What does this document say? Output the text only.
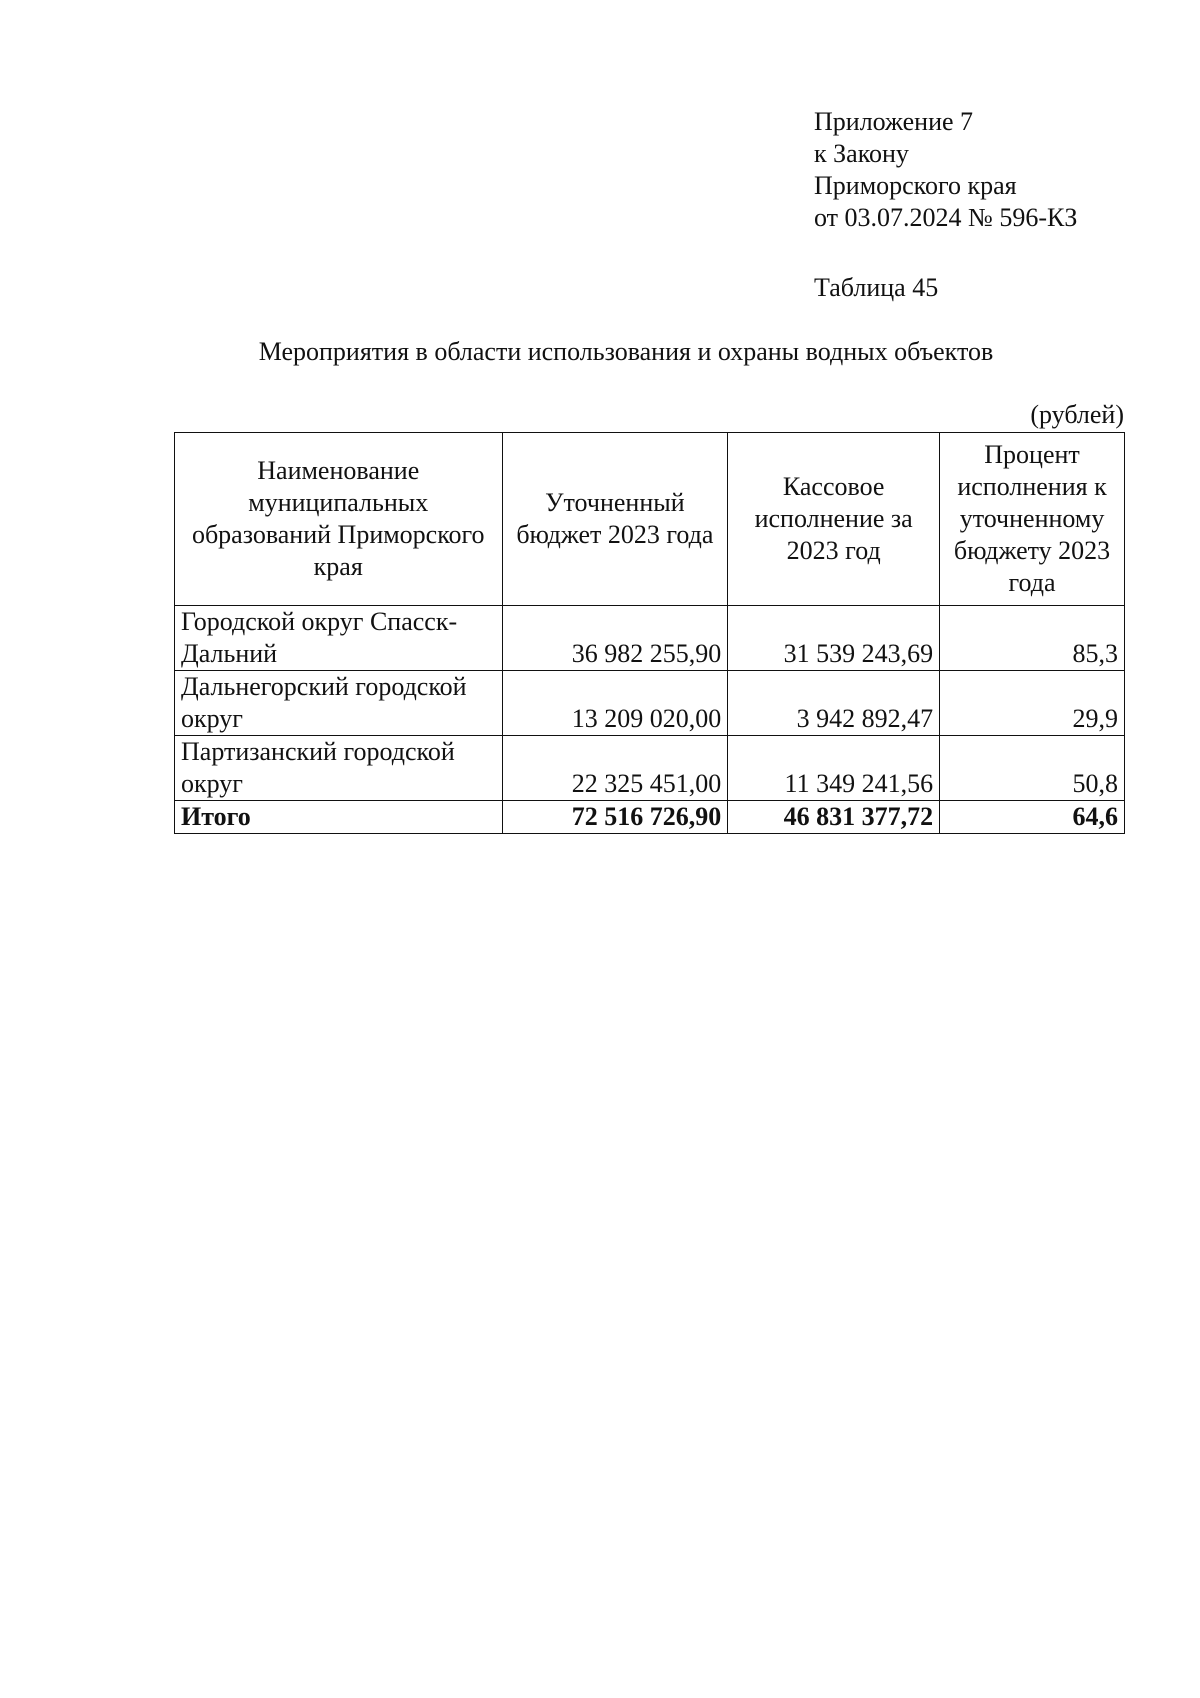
Приложение 7
к Закону
Приморского края
от 03.07.2024 № 596-КЗ
Таблица 45
Мероприятия в области использования и охраны водных объектов
(рублей)
Наименование муниципальных образований Приморского края	Уточненный бюджет 2023 года	Кассовое исполнение за 2023 год	Процент исполнения к уточненному бюджету 2023 года
Городской округ Спасск-Дальний	36 982 255,90	31 539 243,69	85,3
Дальнегорский городской округ	13 209 020,00	3 942 892,47	29,9
Партизанский городской округ	22 325 451,00	11 349 241,56	50,8
Итого	72 516 726,90	46 831 377,72	64,6
